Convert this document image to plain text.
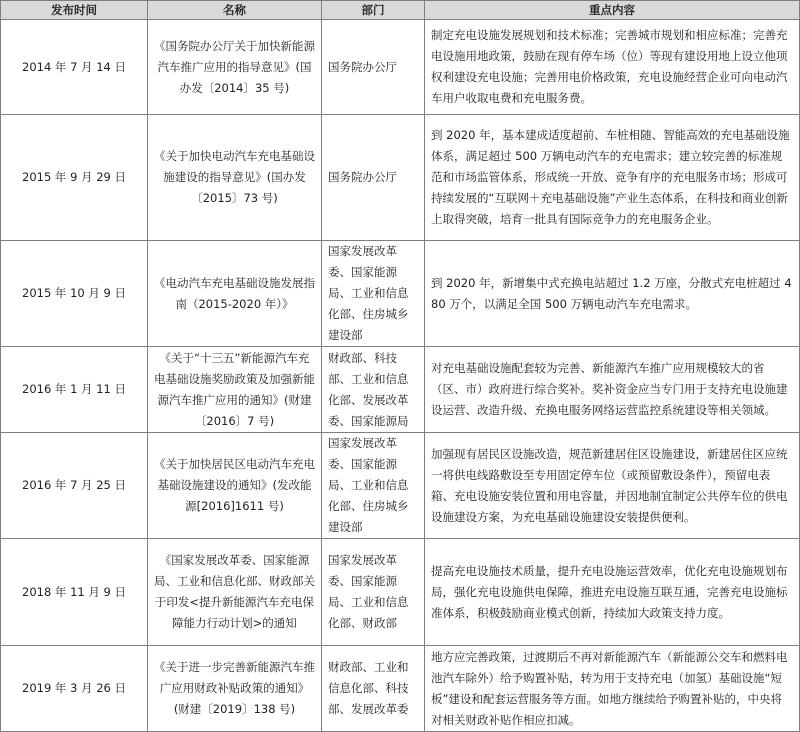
发布时间	名称	部门	重点内容
2014 年 7 月 14 日	《国务院办公厅关于加快新能源汽车推广应用的指导意见》(国办发〔2014〕35 号)	国务院办公厅	制定充电设施发展规划和技术标准；完善城市规划和相应标准；完善充电设施用地政策，鼓励在现有停车场（位）等现有建设用地上设立他项权利建设充电设施；完善用电价格政策，充电设施经营企业可向电动汽车用户收取电费和充电服务费。
2015 年 9 月 29 日	《关于加快电动汽车充电基础设施建设的指导意见》(国办发〔2015〕73 号)	国务院办公厅	到 2020 年，基本建成适度超前、车桩相随、智能高效的充电基础设施体系，满足超过 500 万辆电动汽车的充电需求；建立较完善的标准规范和市场监管体系，形成统一开放、竞争有序的充电服务市场；形成可持续发展的“互联网＋充电基础设施”产业生态体系，在科技和商业创新上取得突破，培育一批具有国际竞争力的充电服务企业。
2015 年 10 月 9 日	《电动汽车充电基础设施发展指南（2015-2020 年）》	国家发展改革委、国家能源局、工业和信息化部、住房城乡建设部	到 2020 年，新增集中式充换电站超过 1.2 万座，分散式充电桩超过 480 万个，以满足全国 500 万辆电动汽车充电需求。
2016 年 1 月 11 日	《关于“十三五”新能源汽车充电基础设施奖励政策及加强新能源汽车推广应用的通知》(财建〔2016〕7 号)	财政部、科技部、工业和信息化部、发展改革委、国家能源局	对充电基础设施配套较为完善、新能源汽车推广应用规模较大的省（区、市）政府进行综合奖补。奖补资金应当专门用于支持充电设施建设运营、改造升级、充换电服务网络运营监控系统建设等相关领域。
2016 年 7 月 25 日	《关于加快居民区电动汽车充电基础设施建设的通知》(发改能源[2016]1611 号)	国家发展改革委、国家能源局、工业和信息化部、住房城乡建设部	加强现有居民区设施改造，规范新建居住区设施建设，新建居住区应统一将供电线路敷设至专用固定停车位（或预留敷设条件），预留电表箱、充电设施安装位置和用电容量，并因地制宜制定公共停车位的供电设施建设方案，为充电基础设施建设安装提供便利。
2018 年 11 月 9 日	《国家发展改革委、国家能源局、工业和信息化部、财政部关于印发<提升新能源汽车充电保障能力行动计划>的通知	国家发展改革委、国家能源局、工业和信息化部、财政部	提高充电设施技术质量，提升充电设施运营效率，优化充电设施规划布局，强化充电设施供电保障，推进充电设施互联互通，完善充电设施标准体系，积极鼓励商业模式创新，持续加大政策支持力度。
2019 年 3 月 26 日	《关于进一步完善新能源汽车推广应用财政补贴政策的通知》(财建〔2019〕138 号)	财政部、工业和信息化部、科技部、发展改革委	地方应完善政策，过渡期后不再对新能源汽车（新能源公交车和燃料电池汽车除外）给予购置补贴，转为用于支持充电（加氢）基础设施“短板”建设和配套运营服务等方面。如地方继续给予购置补贴的，中央将对相关财政补贴作相应扣减。
